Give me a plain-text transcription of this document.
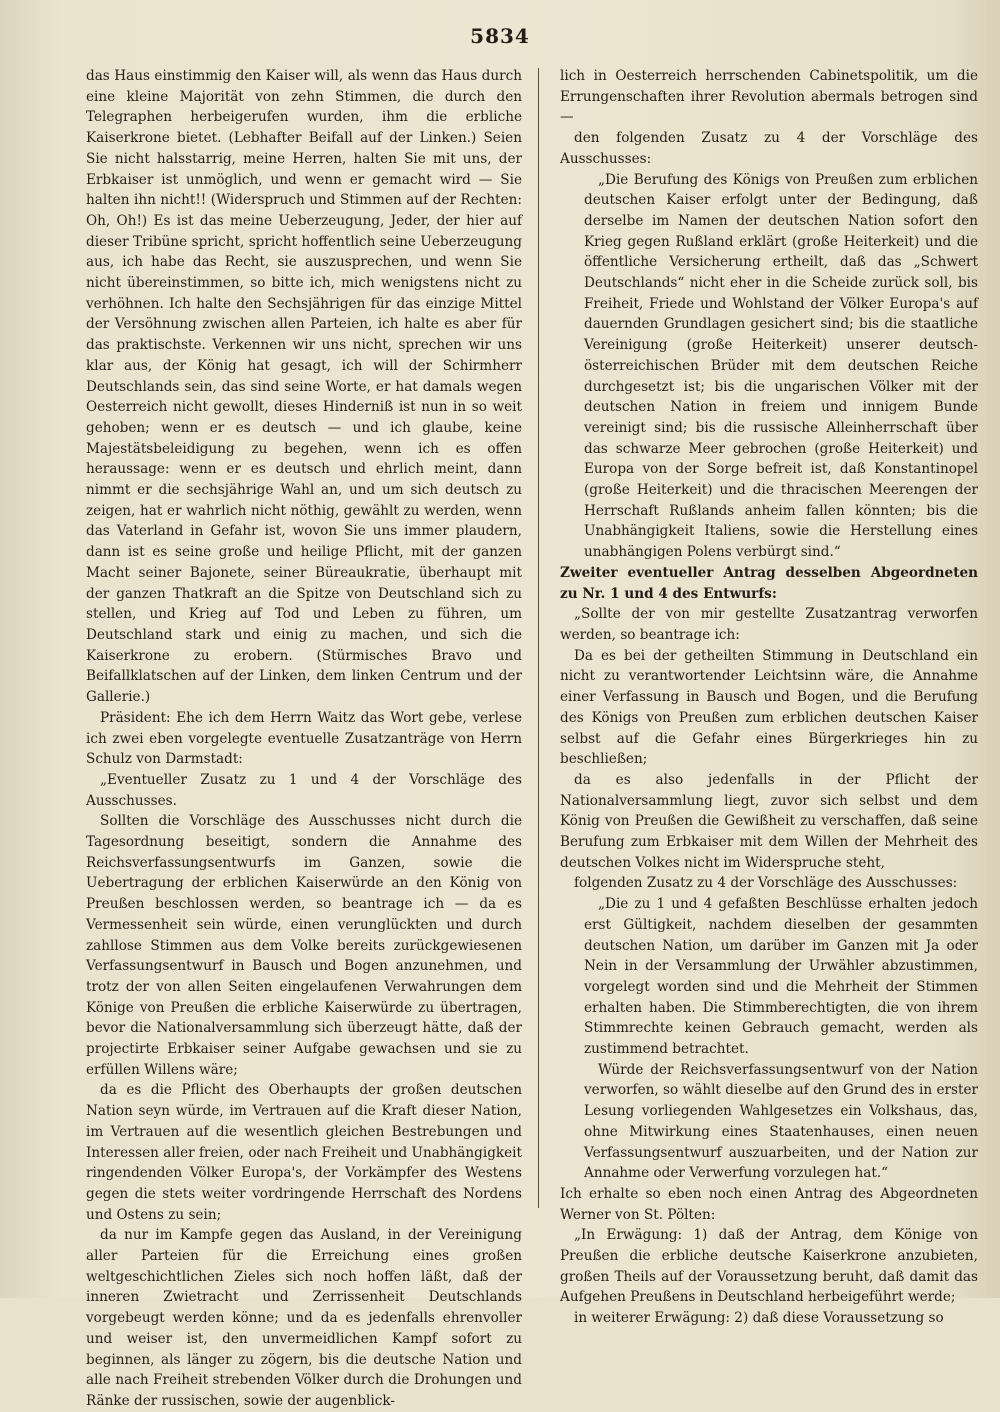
5834

das Haus einstimmig den Kaiser will, als wenn das Haus durch eine kleine Majorität von zehn Stimmen, die durch den Telegraphen herbeigerufen wurden, ihm die erbliche Kaiserkrone bietet. (Lebhafter Beifall auf der Linken.) Seien Sie nicht halsstarrig, meine Herren, halten Sie mit uns, der Erbkaiser ist unmöglich, und wenn er gemacht wird — Sie halten ihn nicht!! (Widerspruch und Stimmen auf der Rechten: Oh, Oh!) Es ist das meine Ueberzeugung, Jeder, der hier auf dieser Tribüne spricht, spricht hoffentlich seine Ueberzeugung aus, ich habe das Recht, sie auszusprechen, und wenn Sie nicht übereinstimmen, so bitte ich, mich wenigstens nicht zu verhöhnen. Ich halte den Sechsjährigen für das einzige Mittel der Versöhnung zwischen allen Parteien, ich halte es aber für das praktischste. Verkennen wir uns nicht, sprechen wir uns klar aus, der König hat gesagt, ich will der Schirmherr Deutschlands sein, das sind seine Worte, er hat damals wegen Oesterreich nicht gewollt, dieses Hinderniß ist nun in so weit gehoben; wenn er es deutsch — und ich glaube, keine Majestätsbeleidigung zu begehen, wenn ich es offen heraussage: wenn er es deutsch und ehrlich meint, dann nimmt er die sechsjährige Wahl an, und um sich deutsch zu zeigen, hat er wahrlich nicht nöthig, gewählt zu werden, wenn das Vaterland in Gefahr ist, wovon Sie uns immer plaudern, dann ist es seine große und heilige Pflicht, mit der ganzen Macht seiner Bajonete, seiner Büreaukratie, überhaupt mit der ganzen Thatkraft an die Spitze von Deutschland sich zu stellen, und Krieg auf Tod und Leben zu führen, um Deutschland stark und einig zu machen, und sich die Kaiserkrone zu erobern. (Stürmisches Bravo und Beifallklatschen auf der Linken, dem linken Centrum und der Gallerie.)

Präsident: Ehe ich dem Herrn Waitz das Wort gebe, verlese ich zwei eben vorgelegte eventuelle Zusatzanträge von Herrn Schulz von Darmstadt:

„Eventueller Zusatz zu 1 und 4 der Vorschläge des Ausschusses.

Sollten die Vorschläge des Ausschusses nicht durch die Tagesordnung beseitigt, sondern die Annahme des Reichsverfassungsentwurfs im Ganzen, sowie die Uebertragung der erblichen Kaiserwürde an den König von Preußen beschlossen werden, so beantrage ich — da es Vermessenheit sein würde, einen verunglückten und durch zahllose Stimmen aus dem Volke bereits zurückgewiesenen Verfassungsentwurf in Bausch und Bogen anzunehmen, und trotz der von allen Seiten eingelaufenen Verwahrungen dem Könige von Preußen die erbliche Kaiserwürde zu übertragen, bevor die Nationalversammlung sich überzeugt hätte, daß der projectirte Erbkaiser seiner Aufgabe gewachsen und sie zu erfüllen Willens wäre;

da es die Pflicht des Oberhaupts der großen deutschen Nation seyn würde, im Vertrauen auf die Kraft dieser Nation, im Vertrauen auf die wesentlich gleichen Bestrebungen und Interessen aller freien, oder nach Freiheit und Unabhängigkeit ringendenden Völker Europa's, der Vorkämpfer des Westens gegen die stets weiter vordringende Herrschaft des Nordens und Ostens zu sein;

da nur im Kampfe gegen das Ausland, in der Vereinigung aller Parteien für die Erreichung eines großen weltgeschichtlichen Zieles sich noch hoffen läßt, daß der inneren Zwietracht und Zerrissenheit Deutschlands vorgebeugt werden könne; und da es jedenfalls ehrenvoller und weiser ist, den unvermeidlichen Kampf sofort zu beginnen, als länger zu zögern, bis die deutsche Nation und alle nach Freiheit strebenden Völker durch die Drohungen und Ränke der russischen, sowie der augenblick-

lich in Oesterreich herrschenden Cabinetspolitik, um die Errungenschaften ihrer Revolution abermals betrogen sind —

den folgenden Zusatz zu 4 der Vorschläge des Ausschusses:

„Die Berufung des Königs von Preußen zum erblichen deutschen Kaiser erfolgt unter der Bedingung, daß derselbe im Namen der deutschen Nation sofort den Krieg gegen Rußland erklärt (große Heiterkeit) und die öffentliche Versicherung ertheilt, daß das „Schwert Deutschlands“ nicht eher in die Scheide zurück soll, bis Freiheit, Friede und Wohlstand der Völker Europa's auf dauernden Grundlagen gesichert sind; bis die staatliche Vereinigung (große Heiterkeit) unserer deutsch-österreichischen Brüder mit dem deutschen Reiche durchgesetzt ist; bis die ungarischen Völker mit der deutschen Nation in freiem und innigem Bunde vereinigt sind; bis die russische Alleinherrschaft über das schwarze Meer gebrochen (große Heiterkeit) und Europa von der Sorge befreit ist, daß Konstantinopel (große Heiterkeit) und die thracischen Meerengen der Herrschaft Rußlands anheim fallen könnten; bis die Unabhängigkeit Italiens, sowie die Herstellung eines unabhängigen Polens verbürgt sind.“

Zweiter eventueller Antrag desselben Abgeordneten zu Nr. 1 und 4 des Entwurfs:

„Sollte der von mir gestellte Zusatzantrag verworfen werden, so beantrage ich:

Da es bei der getheilten Stimmung in Deutschland ein nicht zu verantwortender Leichtsinn wäre, die Annahme einer Verfassung in Bausch und Bogen, und die Berufung des Königs von Preußen zum erblichen deutschen Kaiser selbst auf die Gefahr eines Bürgerkrieges hin zu beschließen;

da es also jedenfalls in der Pflicht der Nationalversammlung liegt, zuvor sich selbst und dem König von Preußen die Gewißheit zu verschaffen, daß seine Berufung zum Erbkaiser mit dem Willen der Mehrheit des deutschen Volkes nicht im Widerspruche steht,

folgenden Zusatz zu 4 der Vorschläge des Ausschusses:

„Die zu 1 und 4 gefaßten Beschlüsse erhalten jedoch erst Gültigkeit, nachdem dieselben der gesammten deutschen Nation, um darüber im Ganzen mit Ja oder Nein in der Versammlung der Urwähler abzustimmen, vorgelegt worden sind und die Mehrheit der Stimmen erhalten haben. Die Stimmberechtigten, die von ihrem Stimmrechte keinen Gebrauch gemacht, werden als zustimmend betrachtet.

Würde der Reichsverfassungsentwurf von der Nation verworfen, so wählt dieselbe auf den Grund des in erster Lesung vorliegenden Wahlgesetzes ein Volkshaus, das, ohne Mitwirkung eines Staatenhauses, einen neuen Verfassungsentwurf auszuarbeiten, und der Nation zur Annahme oder Verwerfung vorzulegen hat.“

Ich erhalte so eben noch einen Antrag des Abgeordneten Werner von St. Pölten:

„In Erwägung: 1) daß der Antrag, dem Könige von Preußen die erbliche deutsche Kaiserkrone anzubieten, großen Theils auf der Voraussetzung beruht, daß damit das Aufgehen Preußens in Deutschland herbeigeführt werde;

in weiterer Erwägung: 2) daß diese Voraussetzung so
